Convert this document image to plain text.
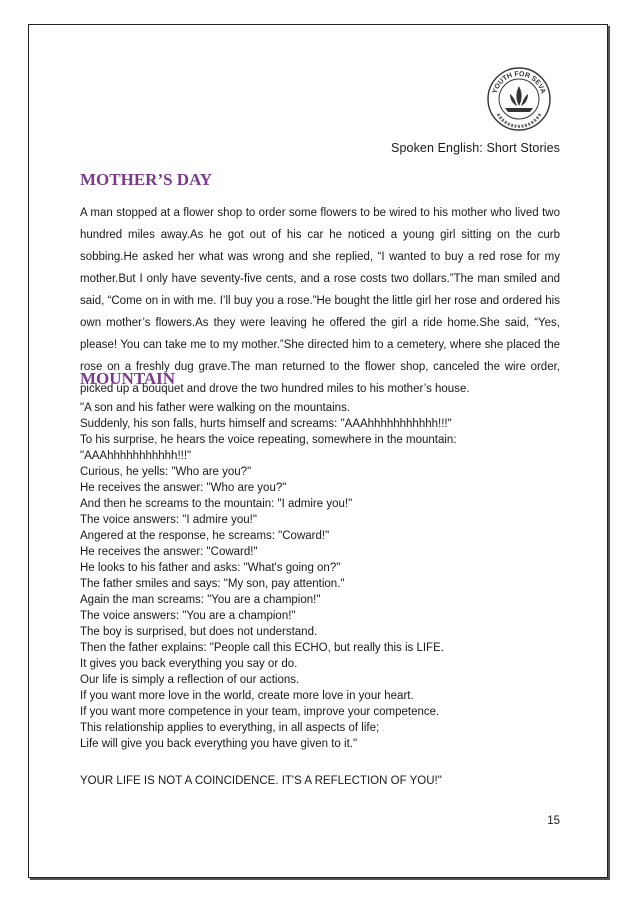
YOUTH FOR SEVA
Spoken English: Short Stories
MOTHER’S DAY

A man stopped at a flower shop to order some flowers to be wired to his mother who lived two hundred miles away.As he got out of his car he noticed a young girl sitting on the curb sobbing.He asked her what was wrong and she replied, “I wanted to buy a red rose for my mother.But I only have seventy-five cents, and a rose costs two dollars.”The man smiled and said, “Come on in with me. I’ll buy you a rose.”He bought the little girl her rose and ordered his own mother’s flowers.As they were leaving he offered the girl a ride home.She said, “Yes, please! You can take me to my mother.”She directed him to a cemetery, where she placed the rose on a freshly dug grave.The man returned to the flower shop, canceled the wire order, picked up a bouquet and drove the two hundred miles to his mother’s house.

MOUNTAIN
"A son and his father were walking on the mountains.
Suddenly, his son falls, hurts himself and screams: "AAAhhhhhhhhhhh!!!"
To his surprise, he hears the voice repeating, somewhere in the mountain:
"AAAhhhhhhhhhhh!!!"
Curious, he yells: "Who are you?"
He receives the answer: "Who are you?"
And then he screams to the mountain: "I admire you!"
The voice answers: "I admire you!"
Angered at the response, he screams: "Coward!"
He receives the answer: "Coward!"
He looks to his father and asks: "What's going on?"
The father smiles and says: "My son, pay attention."
Again the man screams: "You are a champion!"
The voice answers: "You are a champion!"
The boy is surprised, but does not understand.
Then the father explains: "People call this ECHO, but really this is LIFE.
It gives you back everything you say or do.
Our life is simply a reflection of our actions.
If you want more love in the world, create more love in your heart.
If you want more competence in your team, improve your competence.
This relationship applies to everything, in all aspects of life;
Life will give you back everything you have given to it."

YOUR LIFE IS NOT A COINCIDENCE. IT'S A REFLECTION OF YOU!"

15
